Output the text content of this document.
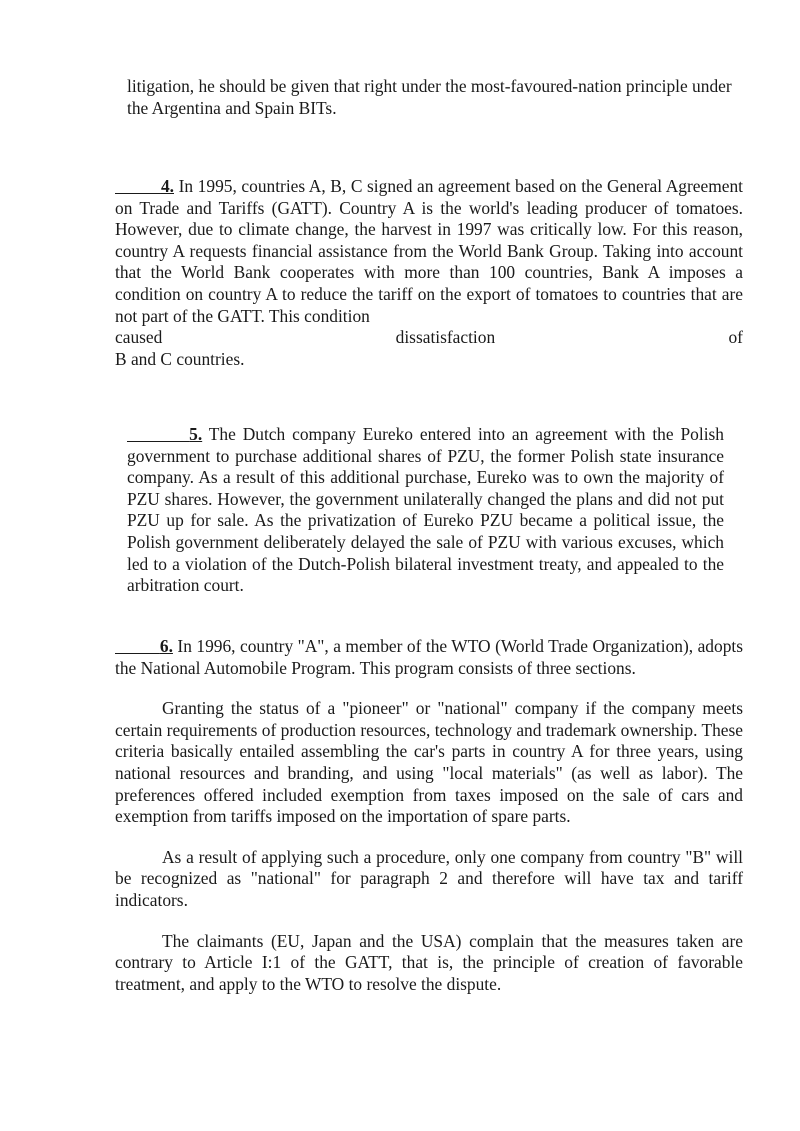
litigation, he should be given that right under the most-favoured-nation principle under the Argentina and Spain BITs.

4. In 1995, countries A, B, C signed an agreement based on the General Agreement on Trade and Tariffs (GATT). Country A is the world's leading producer of tomatoes. However, due to climate change, the harvest in 1997 was critically low. For this reason, country A requests financial assistance from the World Bank Group. Taking into account that the World Bank cooperates with more than 100 countries, Bank A imposes a condition on country A to reduce the tariff on the export of tomatoes to countries that are not part of the GATT. This condition

caused	dissatisfaction	of

B and C countries.

5. The Dutch company Eureko entered into an agreement with the Polish government to purchase additional shares of PZU, the former Polish state insurance company. As a result of this additional purchase, Eureko was to own the majority of PZU shares. However, the government unilaterally changed the plans and did not put PZU up for sale. As the privatization of Eureko PZU became a political issue, the Polish government deliberately delayed the sale of PZU with various excuses, which led to a violation of the Dutch-Polish bilateral investment treaty, and appealed to the arbitration court.

6. In 1996, country "A", a member of the WTO (World Trade Organization), adopts the National Automobile Program. This program consists of three sections.

Granting the status of a "pioneer" or "national" company if the company meets certain requirements of production resources, technology and trademark ownership. These criteria basically entailed assembling the car's parts in country A for three years, using national resources and branding, and using "local materials" (as well as labor). The preferences offered included exemption from taxes imposed on the sale of cars and exemption from tariffs imposed on the importation of spare parts.

As a result of applying such a procedure, only one company from country "B" will be recognized as "national" for paragraph 2 and therefore will have tax and tariff indicators.

The claimants (EU, Japan and the USA) complain that the measures taken are contrary to Article I:1 of the GATT, that is, the principle of creation of favorable treatment, and apply to the WTO to resolve the dispute.
